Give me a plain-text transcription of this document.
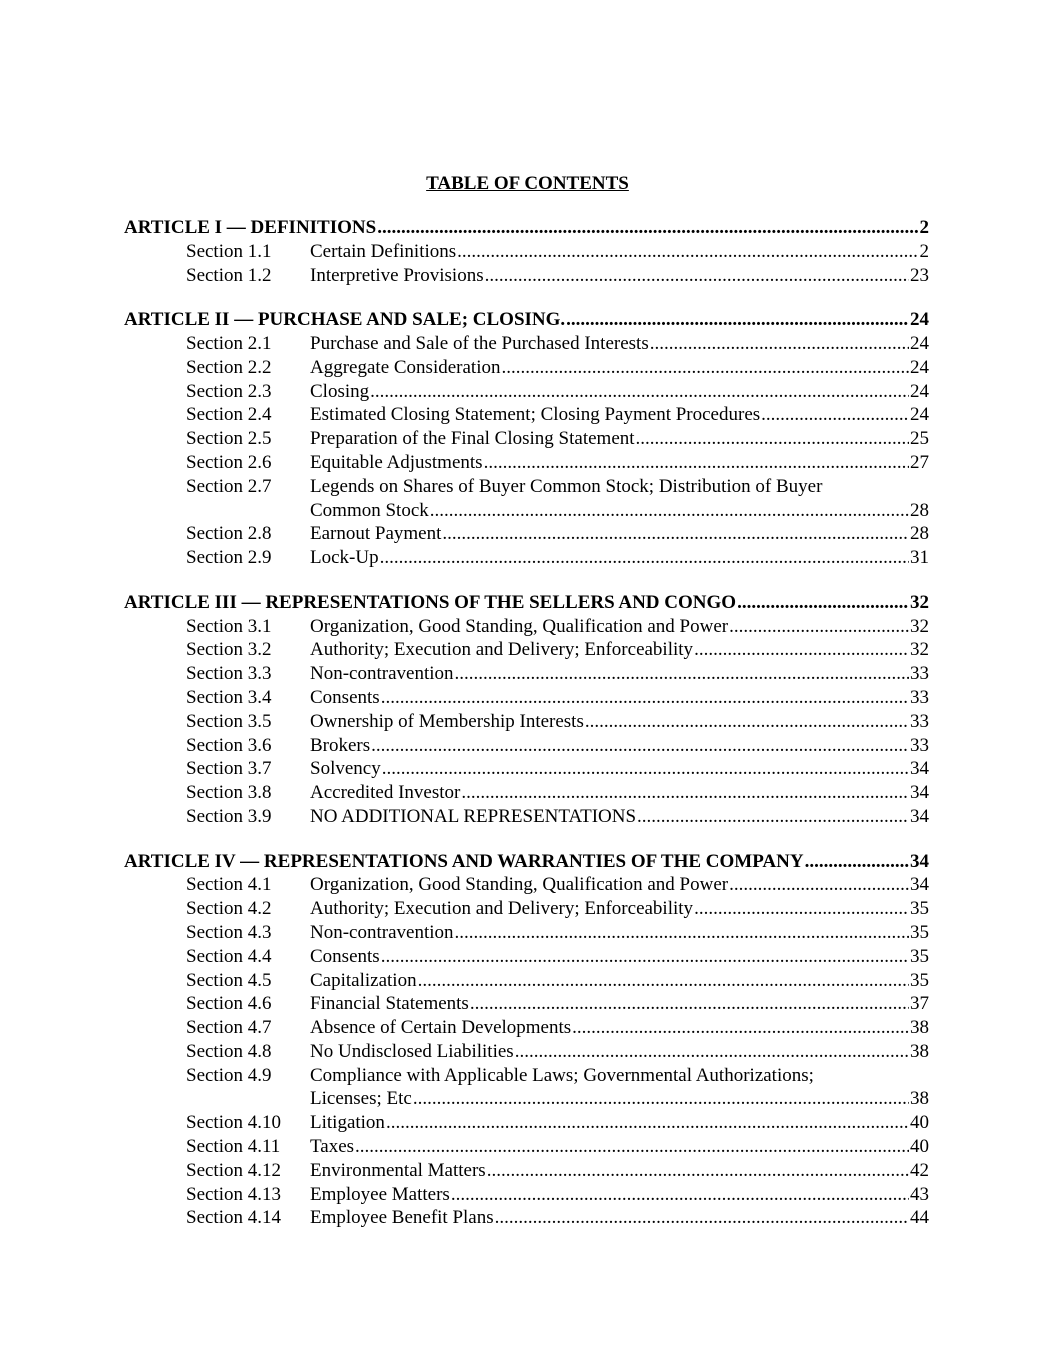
TABLE OF CONTENTS
ARTICLE I — DEFINITIONS .....	2
Section 1.1	Certain Definitions .....	2
Section 1.2	Interpretive Provisions .....	23
ARTICLE II — PURCHASE AND SALE; CLOSING. .....	24
Section 2.1	Purchase and Sale of the Purchased Interests .....	24
Section 2.2	Aggregate Consideration .....	24
Section 2.3	Closing .....	24
Section 2.4	Estimated Closing Statement; Closing Payment Procedures .....	24
Section 2.5	Preparation of the Final Closing Statement .....	25
Section 2.6	Equitable Adjustments .....	27
Section 2.7	Legends on Shares of Buyer Common Stock; Distribution of Buyer
Common Stock .....	28
Section 2.8	Earnout Payment .....	28
Section 2.9	Lock-Up .....	31
ARTICLE III — REPRESENTATIONS OF THE SELLERS AND CONGO .....	32
Section 3.1	Organization, Good Standing, Qualification and Power .....	32
Section 3.2	Authority; Execution and Delivery; Enforceability .....	32
Section 3.3	Non-contravention .....	33
Section 3.4	Consents .....	33
Section 3.5	Ownership of Membership Interests .....	33
Section 3.6	Brokers .....	33
Section 3.7	Solvency .....	34
Section 3.8	Accredited Investor .....	34
Section 3.9	NO ADDITIONAL REPRESENTATIONS .....	34
ARTICLE IV — REPRESENTATIONS AND WARRANTIES OF THE COMPANY .....	34
Section 4.1	Organization, Good Standing, Qualification and Power .....	34
Section 4.2	Authority; Execution and Delivery; Enforceability .....	35
Section 4.3	Non-contravention .....	35
Section 4.4	Consents .....	35
Section 4.5	Capitalization .....	35
Section 4.6	Financial Statements .....	37
Section 4.7	Absence of Certain Developments .....	38
Section 4.8	No Undisclosed Liabilities .....	38
Section 4.9	Compliance with Applicable Laws; Governmental Authorizations;
Licenses; Etc .....	38
Section 4.10	Litigation .....	40
Section 4.11	Taxes .....	40
Section 4.12	Environmental Matters .....	42
Section 4.13	Employee Matters .....	43
Section 4.14	Employee Benefit Plans .....	44
